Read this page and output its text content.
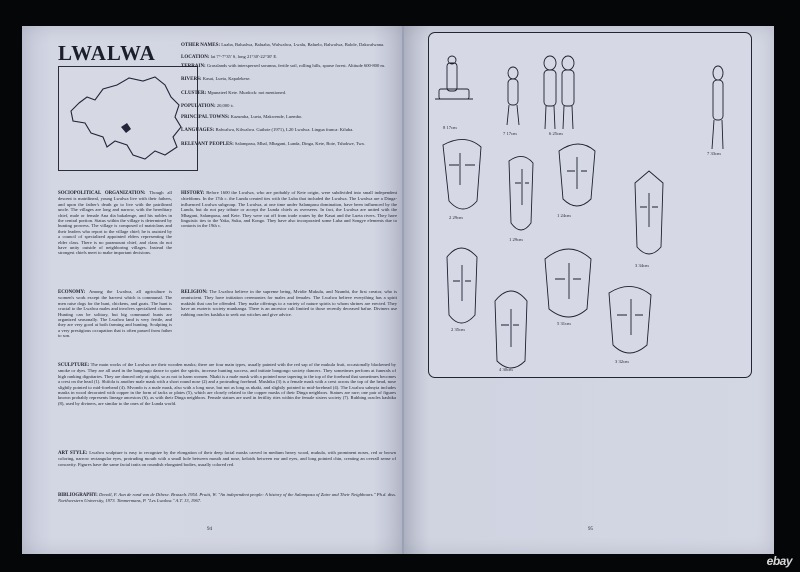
LWALWA	OTHER NAMES: Luaba, Balualwa, Baluaba, Walwalwa, Lwalu, Baluelo, Balwalwa, Balole, Dakwalwana.
LOCATION: lat 7°-7°35' S, long 21°30'-22°30' E.
TERRAIN: Grasslands with interspersed savanna, fertile soil, rolling hills, sparse forest. Altitude 600-800 m.
RIVERS: Kasai, Lueta, Kapalekese.
CLUSTER: Mpunzieel Kete. Murdock: not mentioned.
POPULATION: 20,000 ±.
PRINCIPAL TOWNS: Kazumba, Lueta, Makwende, Luembo.
LANGUAGES: Balwalwa, Kilwalwa. Guthrie (1971), L20 Lwalwa. Lingua franca: Kiluba.
RELEVANT PEOPLES: Salampasu, Mbal, Mbagani, Lunda, Dinga, Kete, Bote, Tshokwe, Twa.

SOCIOPOLITICAL ORGANIZATION: Though all descent is matrilineal, young Lwalwa live with their fathers, and upon the father's death go to live with the patrilineal uncle. The villages are long and narrow, with the hereditary chief, male or female Ana dia bakalenge, and his nobles in the central portion. Status within the village is determined by hunting prowess. The village is composed of matriclans and their leaders who report to the village chief; he is assisted by a council of specialized appointed elders representing the elder class. There is no paramount chief, and clans do not have unity outside of neighboring villages. Instead the strongest chiefs meet to make important decisions.

HISTORY: Before 1600 the Lwalwa, who are probably of Kete origin, were subdivided into small independent chiefdoms. In the 17th c. the Lunda created ties with the Luba that included the Lwalwa. The Lwalwa are a Dinga-influenced Lwalwa subgroup. The Lwalwa, at one time under Salampasu domination, have been influenced by the Lunda, but do not pay tribute or accept the Lunda chiefs as overseers. In fact, the Lwalwa are united with the Mbagani, Salampasu, and Kete. They were cut off from trade routes by the Kasai and the Lueta rivers. They have linguistic ties to the Yaka, Suku, and Kongo. They have also incorporated some Luba and Songye elements due to contacts in the 19th c.

ECONOMY: Among the Lwalwa, all agriculture is women's work except the harvest which is communal. The men raise dogs for the hunt, chickens, and goats. The hunt is crucial to the Lwalwa males and involves specialized charms. Hunting can be solitary, but big communal hunts are organized seasonally. The Lwalwa land is very fertile, and they are very good at both farming and hunting. Sculpting is a very prestigious occupation that is often passed from father to son.

RELIGION: The Lwalwa believe in the supreme being, Mvidie Mukulu, and Nzambi, the first creator, who is omniscient. They have initiation ceremonies for males and females. The Lwalwa believe everything has a spirit makishi that can be offended. They make offerings to a variety of nature spirits to whom shrines are erected. They have an esoteric society munkanga. There is an ancestor cult limited to those recently deceased bafue. Diviners use rubbing oracles kashika to seek out witches and give advice.

SCULPTURE: The main works of the Lwalwa are their wooden masks; there are four main types, usually painted with the red sap of the mukula fruit, occasionally blackened by smoke or dyes. They are all used in the bangongo dance to quiet the spirits, increase hunting success, and initiate bangongo society dancers. They sometimes perform at funerals of high ranking dignitaries. They are danced only at night, so as not to harm women. Nkaki is a male mask with a pointed nose tapering to the top of the forehead that sometimes becomes a crest on the head (1). Shifola is another male mask with a short round nose (2) and a protruding forehead. Mushika (3) is a female mask with a crest across the top of the head, nose slightly pointed to mid-forehead (4). Mvondo is a male mask, also with a long nose, but not as long as nkaki, and slightly pointed to mid-forehead (4). The Lwalwa sahnyia includes masks in wood decorated with copper in the form of tacks or plates (5), which are closely related to the copper masks of their Dinga neighbors. Statues are rare; one pair of figures known probably represents lineage ancestors (6), as with their Dinga neighbors. Female statues are used in fertility rites within the female sisters society (7). Rubbing oracles kashika (8), used by diviners, are similar to the ones of the Lunda world.

ART STYLE: Lwalwa sculpture is easy to recognize by the elongation of their deep facial masks carved in medium heavy wood, mukula, with prominent noses, red or brown coloring, narrow rectangular eyes, protruding mouth with a small hole between mouth and nose, keloids between ear and eyes, and long pointed chin, creating an overall sense of concavity. Figures have the same facial traits on roundish elongated bodies, usually colored red.

BIBLIOGRAPHY: Denoll, F. Aan de rand van de Dibese. Brussels 1954. Pruitt, W. "An independent people: A history of the Salampasu of Zaire and Their Neighbours." Ph.d. diss. Northwestern University, 1973. Timmermans, P. "Les Lwalwa." A.T. 13, 1967.

94
8 17cm
7 17cm	6 25cm
7 33cm
2 29cm	1 24cm
1 29cm
3 34cm
2 35cm
5 31cm
4 30cm
3 32cm
95
ebay
